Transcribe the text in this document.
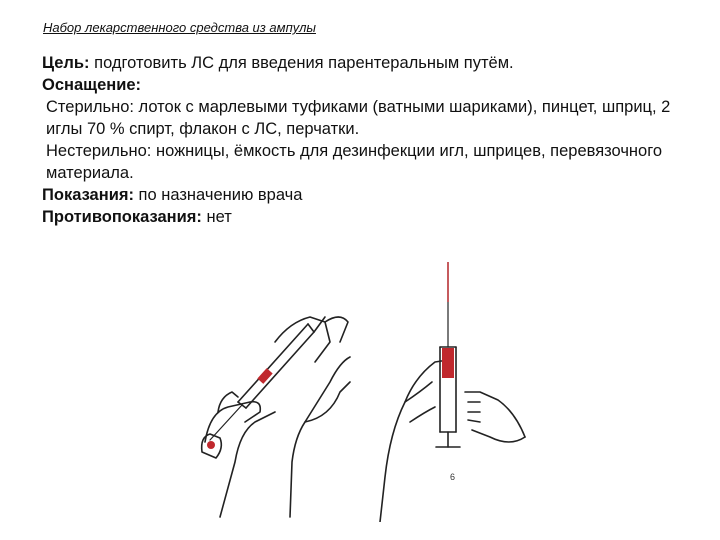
Набор лекарственного средства из ампулы

Цель: подготовить ЛС для введения парентеральным путём.

Оснащение:

Стерильно: лоток с марлевыми туфиками (ватными шариками), пинцет, шприц, 2 иглы 70 % спирт, флакон с ЛС, перчатки.

Нестерильно: ножницы, ёмкость для дезинфекции игл, шприцев, перевязочного материала.

Показания: по назначению врача

Противопоказания: нет

6
